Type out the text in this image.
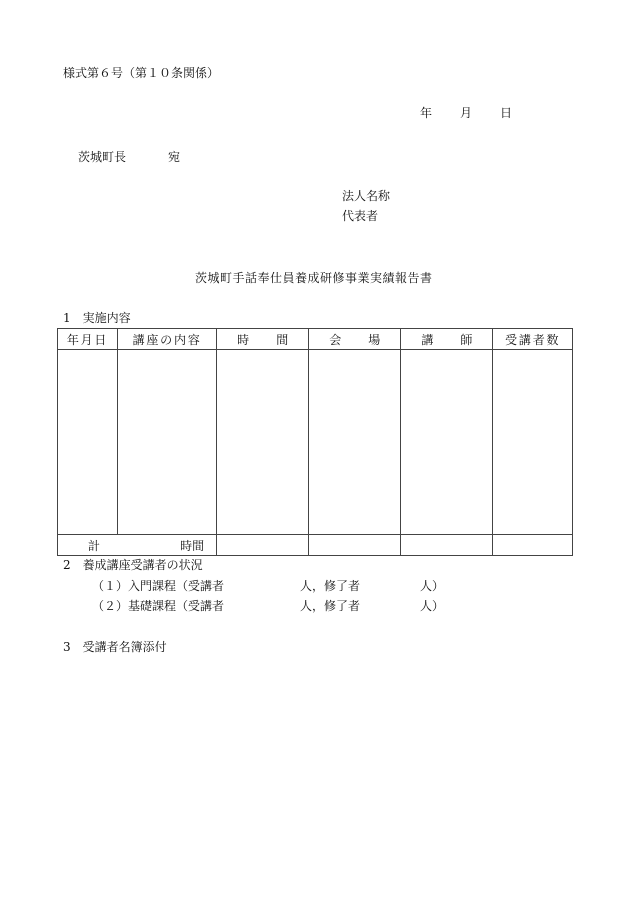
様式第６号（第１０条関係）
年 月 日
茨城町長	宛
法人名称
代表者
茨城町手話奉仕員養成研修事業実績報告書
1　実施内容
年月日	講座の内容	時 間	会 場	講 師	受講者数

計 時間					

2　養成講座受講者の状況
（１）入門課程（受講者	人，修了者	人）
（２）基礎課程（受講者	人，修了者	人）
3　受講者名簿添付
